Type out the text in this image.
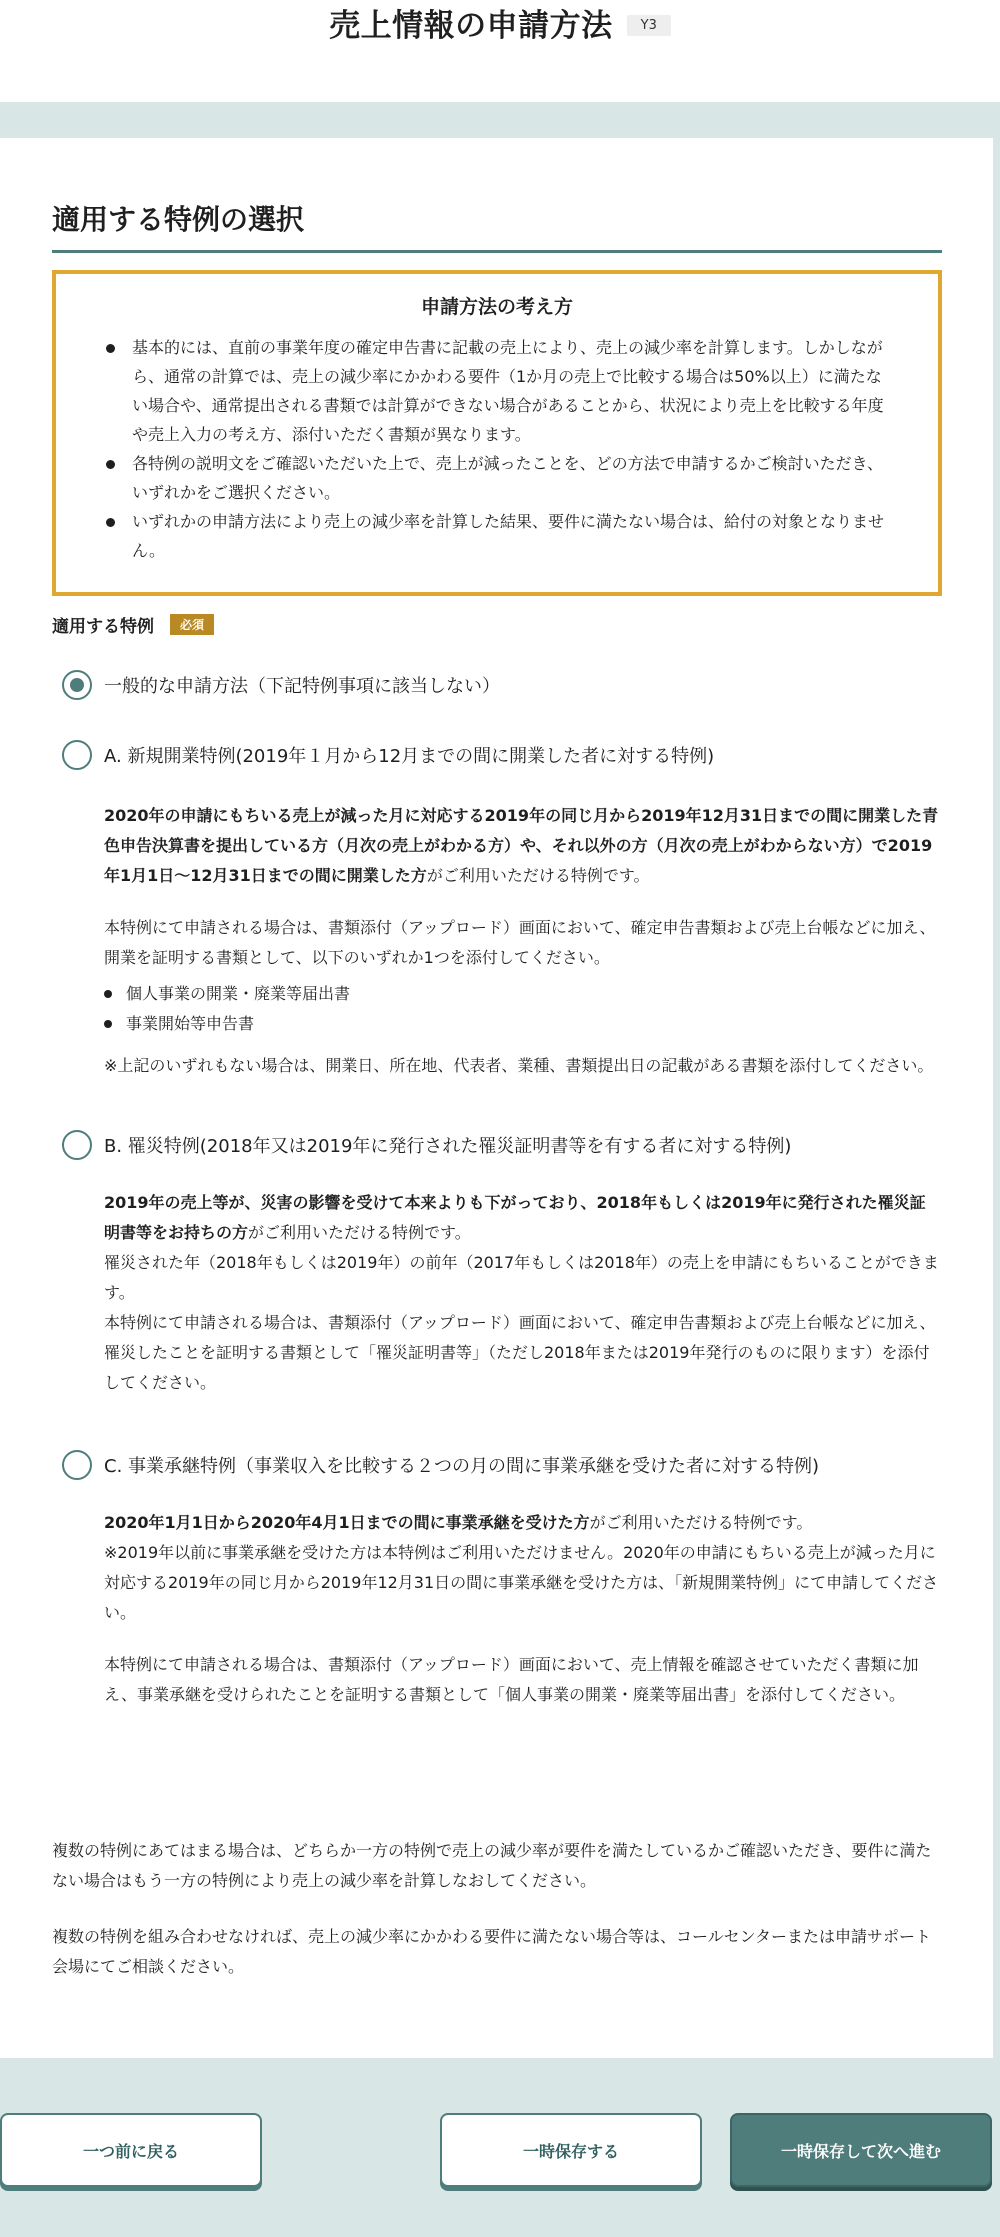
売上情報の申請方法	Y3
適用する特例の選択
申請方法の考え方
基本的には、直前の事業年度の確定申告書に記載の売上により、売上の減少率を計算します。しかしながら、通常の計算では、売上の減少率にかかわる要件（1か月の売上で比較する場合は50%以上）に満たない場合や、通常提出される書類では計算ができない場合があることから、状況により売上を比較する年度や売上入力の考え方、添付いただく書類が異なります。
各特例の説明文をご確認いただいた上で、売上が減ったことを、どの方法で申請するかご検討いただき、いずれかをご選択ください。
いずれかの申請方法により売上の減少率を計算した結果、要件に満たない場合は、給付の対象となりません。
適用する特例	必須
一般的な申請方法（下記特例事項に該当しない）
A. 新規開業特例(2019年１月から12月までの間に開業した者に対する特例)

2020年の申請にもちいる売上が減った月に対応する2019年の同じ月から2019年12月31日までの間に開業した青色申告決算書を提出している方（月次の売上がわかる方）や、それ以外の方（月次の売上がわからない方）で2019年1月1日～12月31日までの間に開業した方がご利用いただける特例です。

本特例にて申請される場合は、書類添付（アップロード）画面において、確定申告書類および売上台帳などに加え、開業を証明する書類として、以下のいずれか1つを添付してください。

個人事業の開業・廃業等届出書
事業開始等申告書

※上記のいずれもない場合は、開業日、所在地、代表者、業種、書類提出日の記載がある書類を添付してください。

B. 罹災特例(2018年又は2019年に発行された罹災証明書等を有する者に対する特例)

2019年の売上等が、災害の影響を受けて本来よりも下がっており、2018年もしくは2019年に発行された罹災証明書等をお持ちの方がご利用いただける特例です。

罹災された年（2018年もしくは2019年）の前年（2017年もしくは2018年）の売上を申請にもちいることができます。

本特例にて申請される場合は、書類添付（アップロード）画面において、確定申告書類および売上台帳などに加え、罹災したことを証明する書類として「罹災証明書等」（ただし2018年または2019年発行のものに限ります）を添付してください。

C. 事業承継特例（事業収入を比較する２つの月の間に事業承継を受けた者に対する特例)

2020年1月1日から2020年4月1日までの間に事業承継を受けた方がご利用いただける特例です。

※2019年以前に事業承継を受けた方は本特例はご利用いただけません。2020年の申請にもちいる売上が減った月に対応する2019年の同じ月から2019年12月31日の間に事業承継を受けた方は、「新規開業特例」にて申請してください。

本特例にて申請される場合は、書類添付（アップロード）画面において、売上情報を確認させていただく書類に加え、事業承継を受けられたことを証明する書類として「個人事業の開業・廃業等届出書」を添付してください。

複数の特例にあてはまる場合は、どちらか一方の特例で売上の減少率が要件を満たしているかご確認いただき、要件に満たない場合はもう一方の特例により売上の減少率を計算しなおしてください。

複数の特例を組み合わせなければ、売上の減少率にかかわる要件に満たない場合等は、コールセンターまたは申請サポート会場にてご相談ください。

一つ前に戻る	一時保存する	一時保存して次へ進む
